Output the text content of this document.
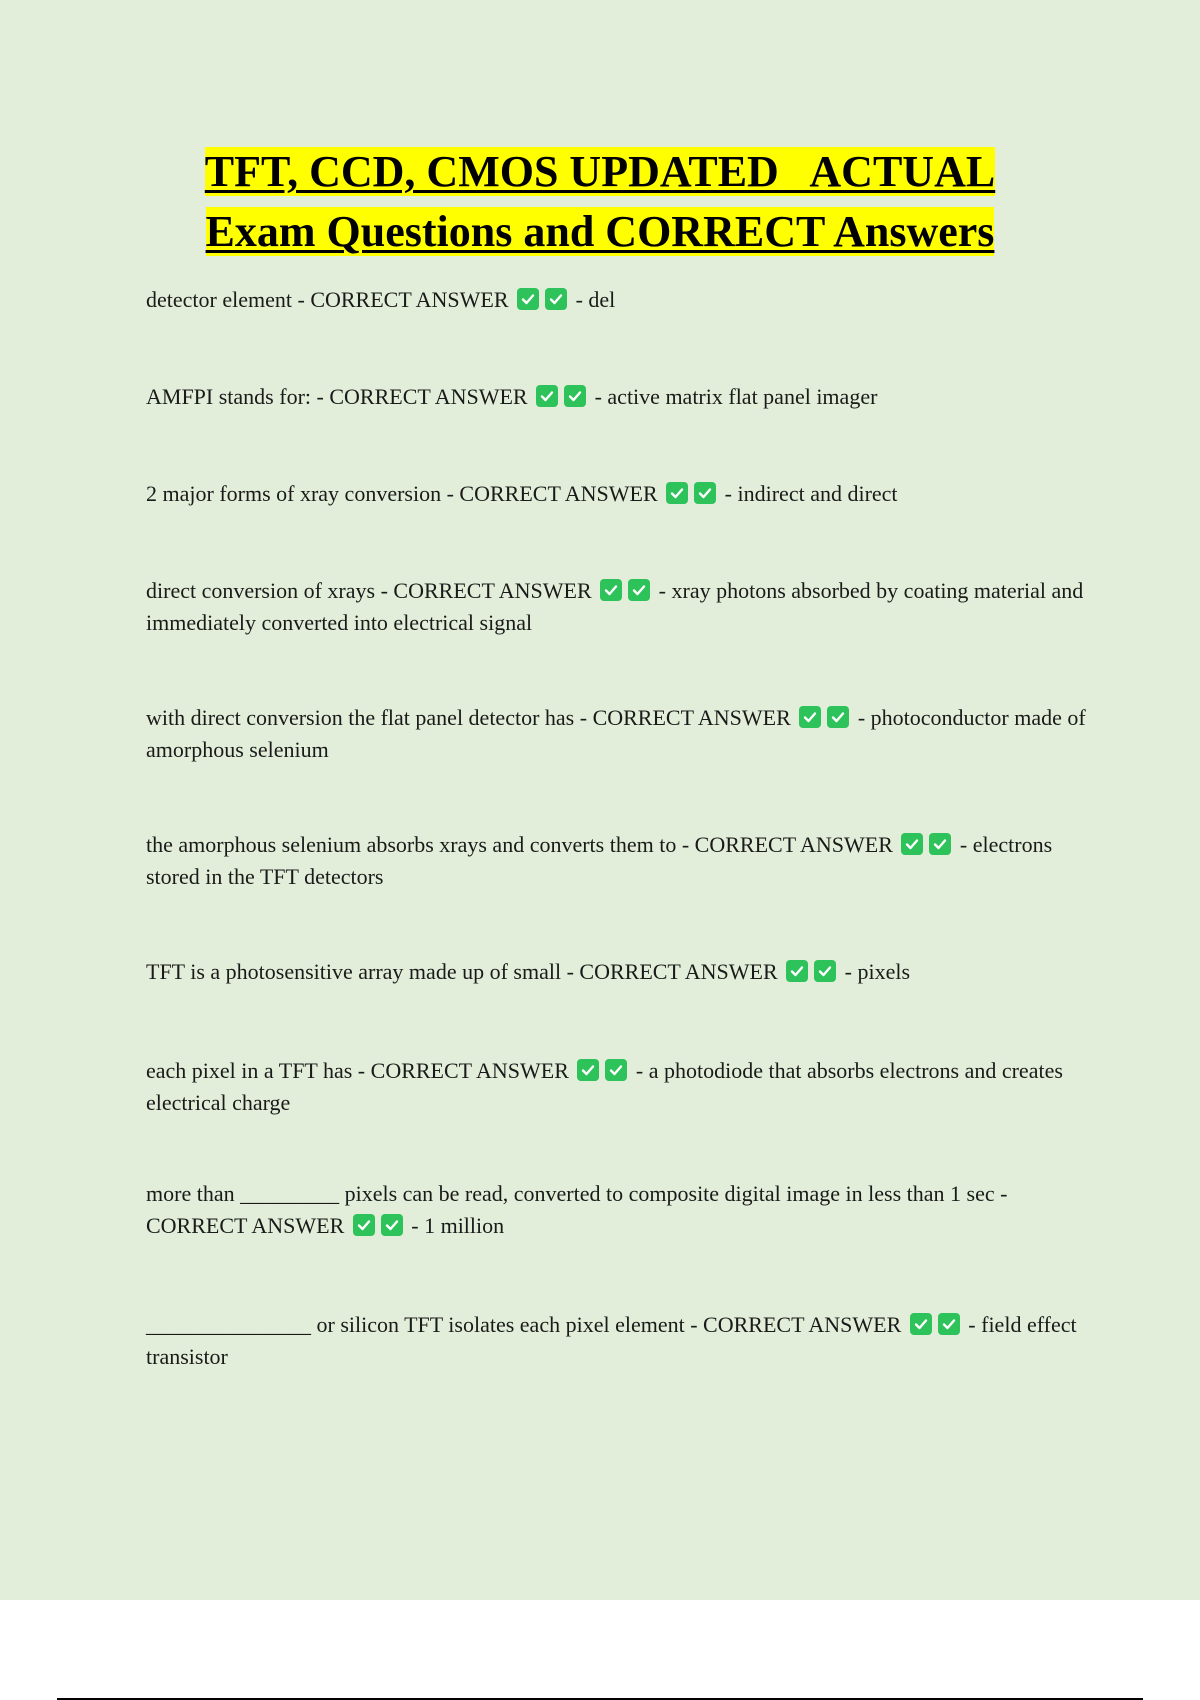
TFT, CCD, CMOS UPDATED   ACTUAL
Exam Questions and CORRECT Answers
detector element - CORRECT ANSWER	- del
AMFPI stands for: - CORRECT ANSWER	- active matrix flat panel imager
2 major forms of xray conversion - CORRECT ANSWER	- indirect and direct
direct conversion of xrays - CORRECT ANSWER	- xray photons absorbed by coating material and immediately converted into electrical signal
with direct conversion the flat panel detector has - CORRECT ANSWER	- photoconductor made of amorphous selenium
the amorphous selenium absorbs xrays and converts them to - CORRECT ANSWER	- electrons stored in the TFT detectors
TFT is a photosensitive array made up of small - CORRECT ANSWER	- pixels
each pixel in a TFT has - CORRECT ANSWER	- a photodiode that absorbs electrons and creates electrical charge
more than _________ pixels can be read, converted to composite digital image in less than 1 sec - CORRECT ANSWER	- 1 million
_______________ or silicon TFT isolates each pixel element - CORRECT ANSWER	- field effect transistor
